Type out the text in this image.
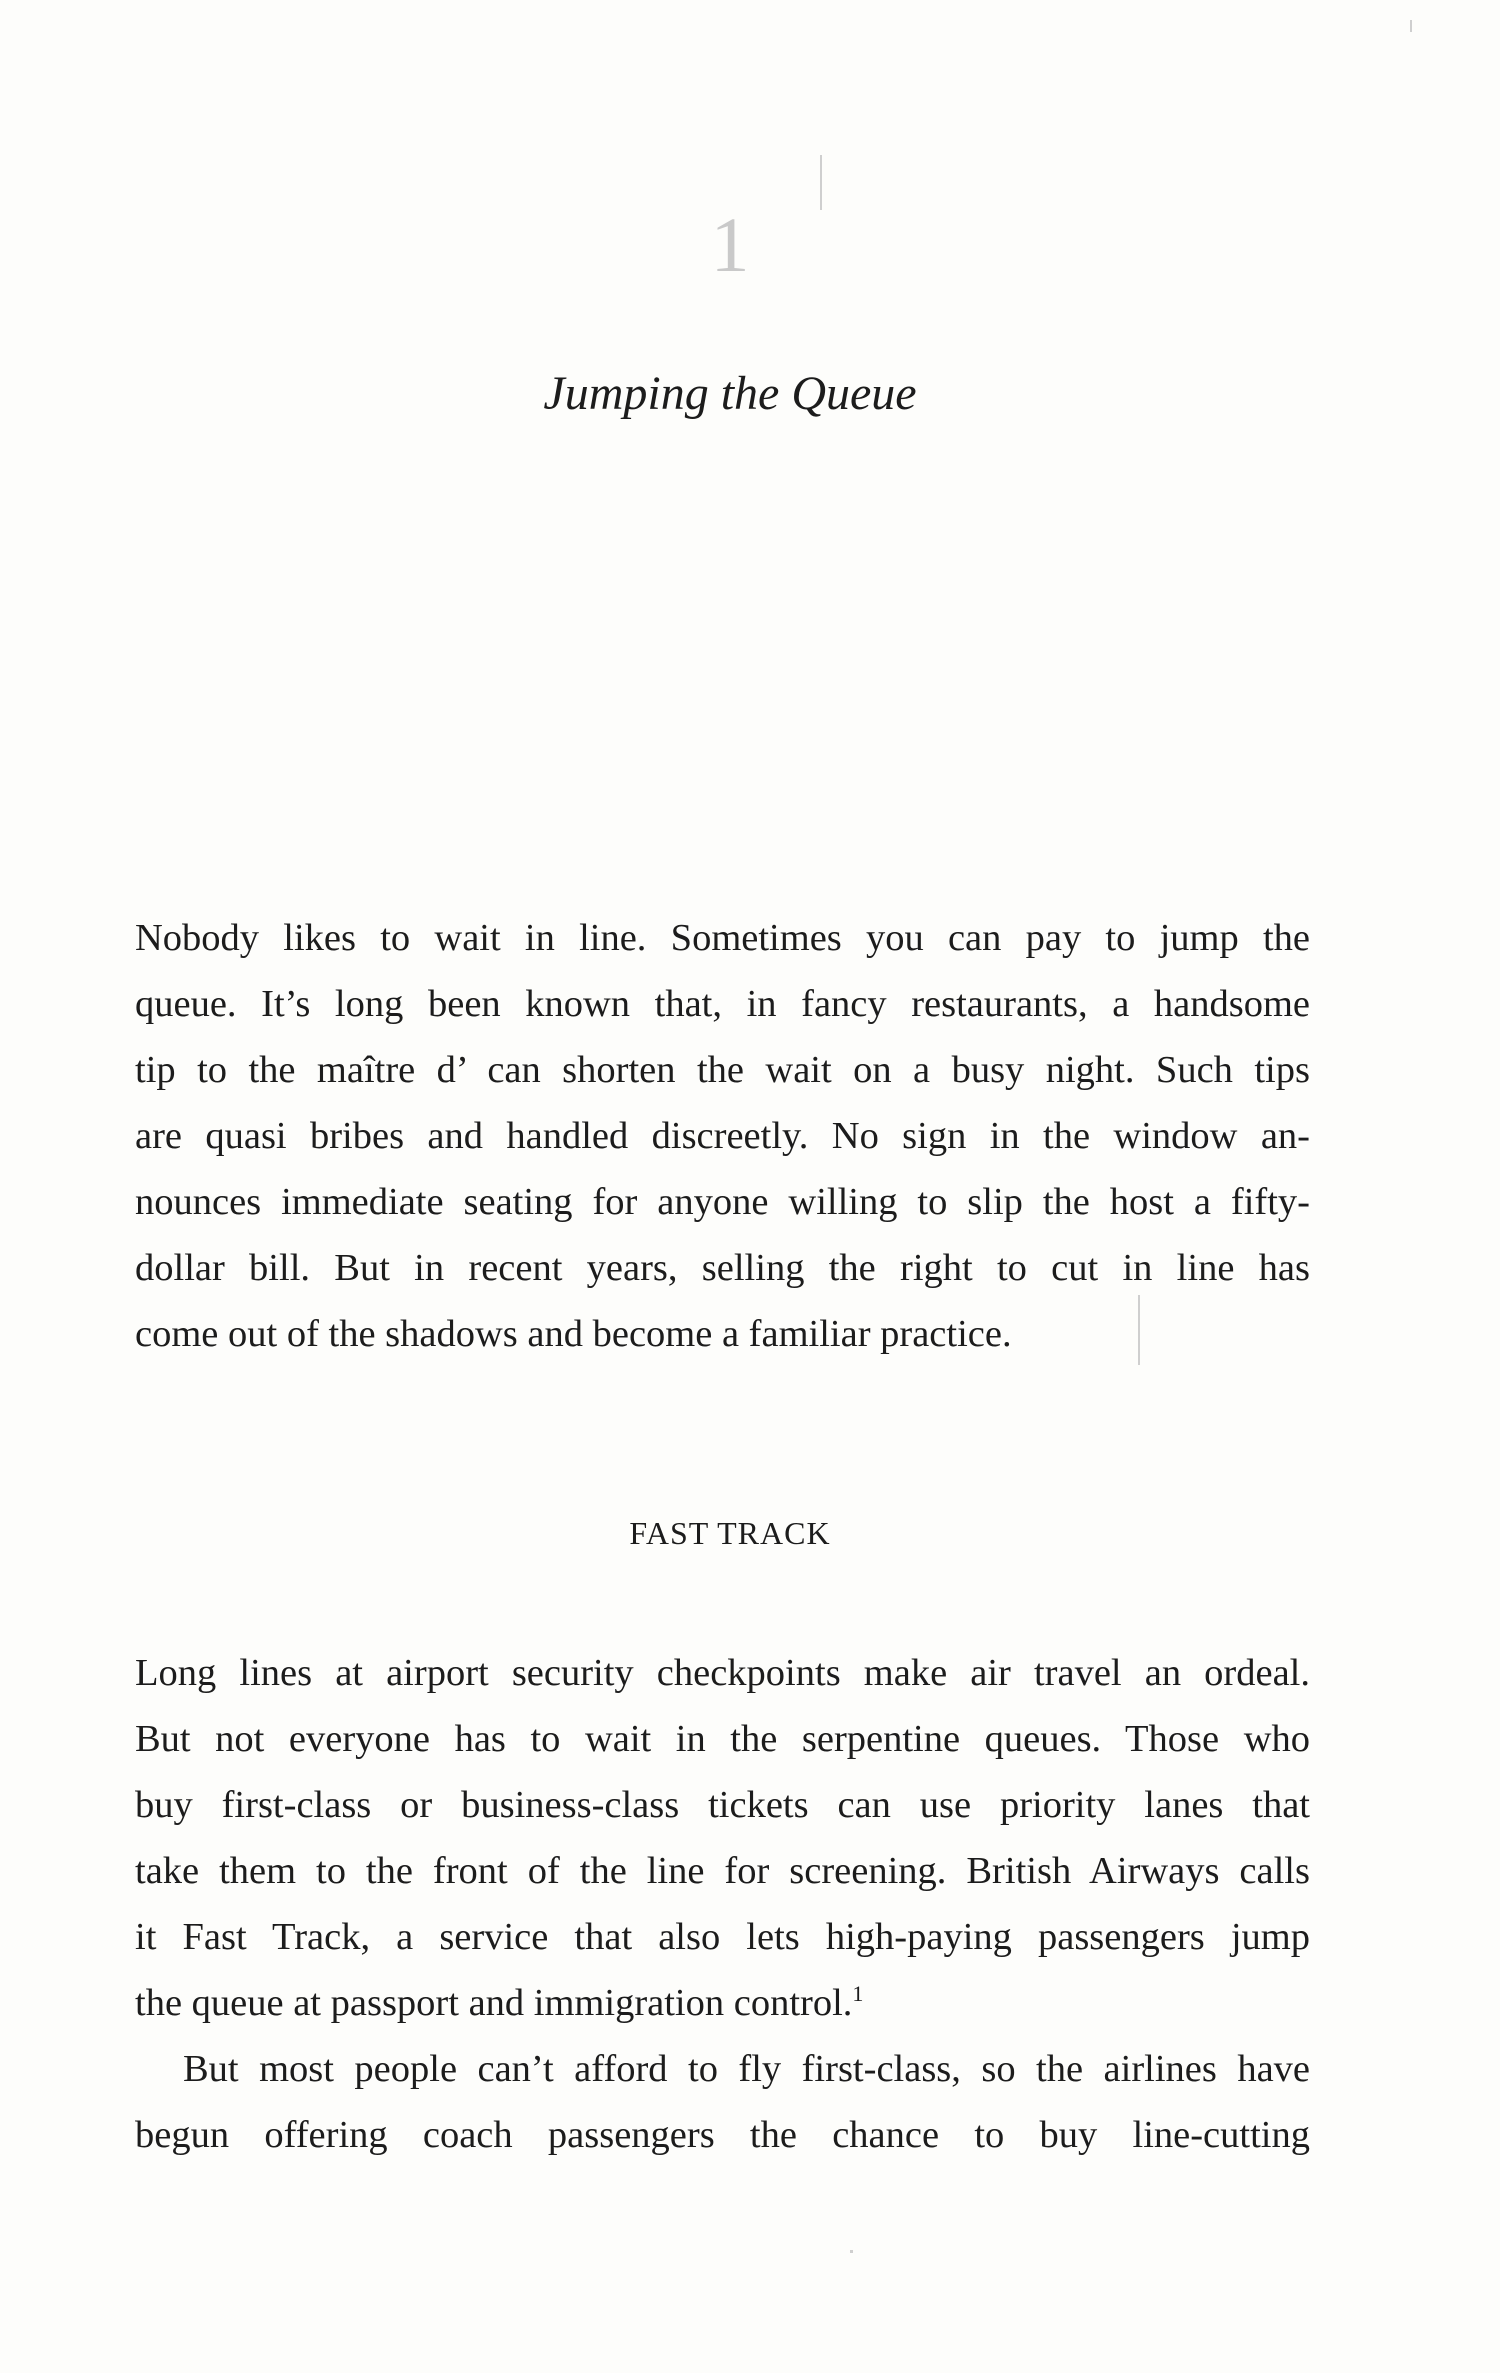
1
Jumping the Queue
Nobody likes to wait in line. Sometimes you can pay to jump the
queue. It’s long been known that, in fancy restaurants, a handsome
tip to the maître d’ can shorten the wait on a busy night. Such tips
are quasi bribes and handled discreetly. No sign in the window an-
nounces immediate seating for anyone willing to slip the host a fifty-
dollar bill. But in recent years, selling the right to cut in line has
come out of the shadows and become a familiar practice.
FAST TRACK
Long lines at airport security checkpoints make air travel an ordeal.
But not everyone has to wait in the serpentine queues. Those who
buy first-class or business-class tickets can use priority lanes that
take them to the front of the line for screening. British Airways calls
it Fast Track, a service that also lets high-paying passengers jump
the queue at passport and immigration control.$^1$
But most people can’t afford to fly first-class, so the airlines have
begun offering coach passengers the chance to buy line-cutting
